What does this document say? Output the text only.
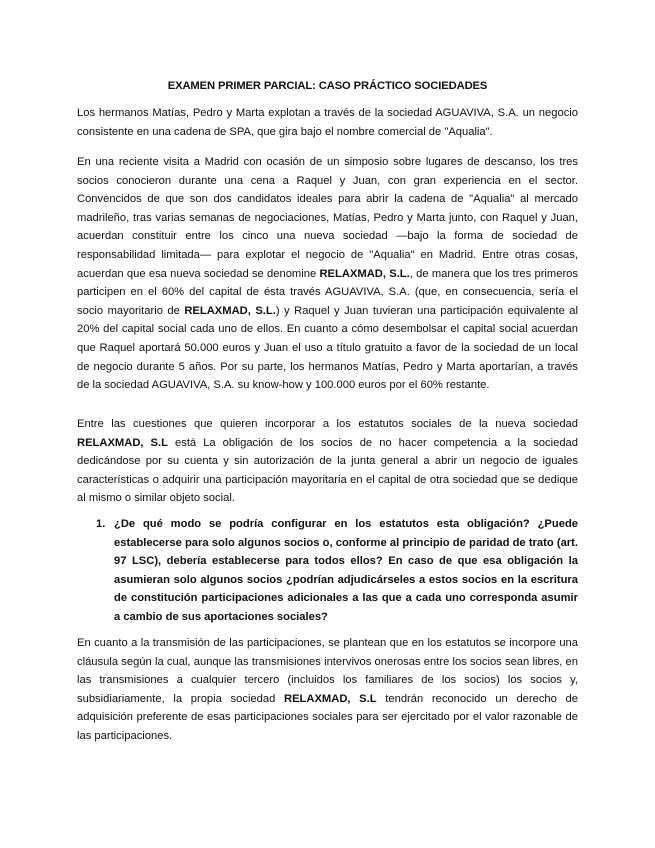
EXAMEN PRIMER PARCIAL: CASO PRÁCTICO SOCIEDADES

Los hermanos Matías, Pedro y Marta explotan a través de la sociedad AGUAVIVA, S.A. un negocio consistente en una cadena de SPA, que gira bajo el nombre comercial de "Aqualia".

En una reciente visita a Madrid con ocasión de un simposio sobre lugares de descanso, los tres socios conocieron durante una cena a Raquel y Juan, con gran experiencia en el sector. Convencidos de que son dos candidatos ideales para abrir la cadena de "Aqualia" al mercado madrileño, tras varias semanas de negociaciones, Matías, Pedro y Marta junto, con Raquel y Juan, acuerdan constituir entre los cinco una nueva sociedad —bajo la forma de sociedad de responsabilidad limitada— para explotar el negocio de "Aqualia" en Madrid. Entre otras cosas, acuerdan que esa nueva sociedad se denomine RELAXMAD, S.L., de manera que los tres primeros participen en el 60% del capital de ésta través AGUAVIVA, S.A. (que, en consecuencia, sería el socio mayoritario de RELAXMAD, S.L.) y Raquel y Juan tuvieran una participación equivalente al 20% del capital social cada uno de ellos. En cuanto a cómo desembolsar el capital social acuerdan que Raquel aportará 50.000 euros y Juan el uso a título gratuito a favor de la sociedad de un local de negocio durante 5 años. Por su parte, los hermanos Matías, Pedro y Marta aportarían, a través de la sociedad AGUAVIVA, S.A. su know-how y 100.000 euros por el 60% restante.

Entre las cuestiones que quieren incorporar a los estatutos sociales de la nueva sociedad RELAXMAD, S.L está La obligación de los socios de no hacer competencia a la sociedad dedicándose por su cuenta y sin autorización de la junta general a abrir un negocio de iguales características o adquirir una participación mayoritaria en el capital de otra sociedad que se dedique al mismo o similar objeto social.

1. ¿De qué modo se podría configurar en los estatutos esta obligación? ¿Puede establecerse para solo algunos socios o, conforme al principio de paridad de trato (art. 97 LSC), debería establecerse para todos ellos? En caso de que esa obligación la asumieran solo algunos socios ¿podrían adjudicárseles a estos socios en la escritura de constitución participaciones adicionales a las que a cada uno corresponda asumir a cambio de sus aportaciones sociales?

En cuanto a la transmisión de las participaciones, se plantean que en los estatutos se incorpore una cláusula según la cual, aunque las transmisiones intervivos onerosas entre los socios sean libres, en las transmisiones a cualquier tercero (incluidos los familiares de los socios) los socios y, subsidiariamente, la propia sociedad RELAXMAD, S.L tendrán reconocido un derecho de adquisición preferente de esas participaciones sociales para ser ejercitado por el valor razonable de las participaciones.
